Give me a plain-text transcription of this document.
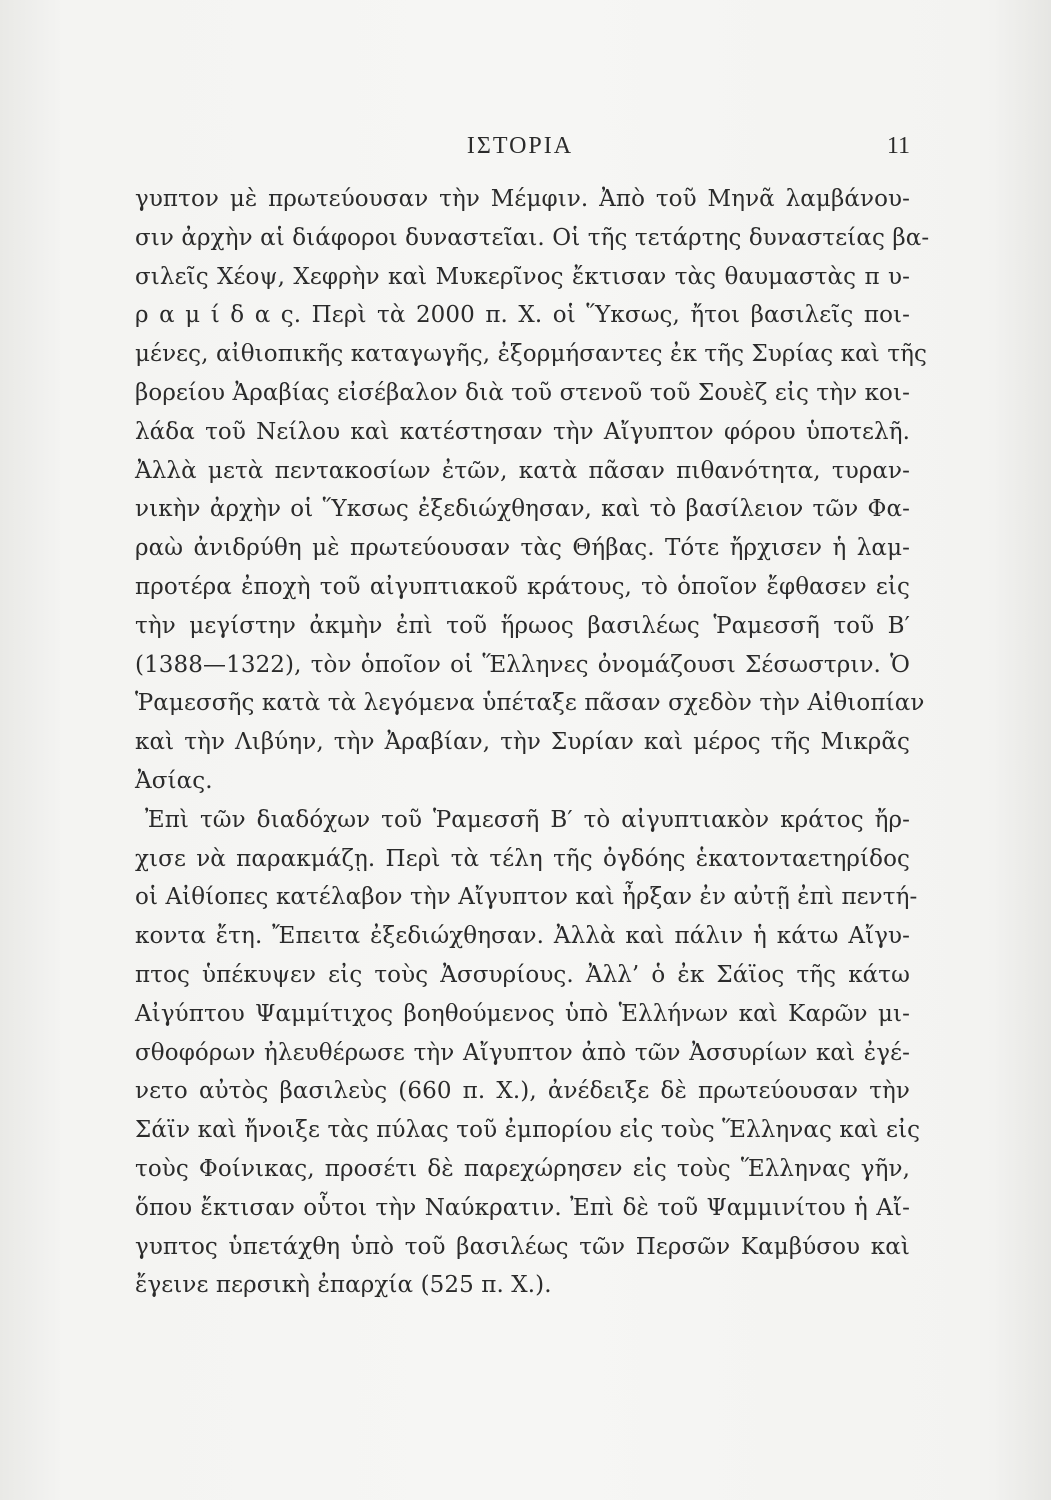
ΙΣΤΟΡΙΑ	11
γυπτον μὲ πρωτεύουσαν τὴν Μέμφιν. Ἀπὸ τοῦ Μηνᾶ λαμβάνου-
σιν ἀρχὴν αἱ διάφοροι δυναστεῖαι. Οἱ τῆς τετάρτης δυναστείας βα-
σιλεῖς Χέοψ, Χεφρὴν καὶ Μυκερῖνος ἔκτισαν τὰς θαυμαστὰς π υ-
ρ α μ ί δ α ς. Περὶ τὰ 2000 π. Χ. οἱ Ὕκσως, ἤτοι βασιλεῖς ποι-
μένες, αἰθιοπικῆς καταγωγῆς, ἐξορμήσαντες ἐκ τῆς Συρίας καὶ τῆς
βορείου Ἀραβίας εἰσέβαλον διὰ τοῦ στενοῦ τοῦ Σουὲζ εἰς τὴν κοι-
λάδα τοῦ Νείλου καὶ κατέστησαν τὴν Αἴγυπτον φόρου ὑποτελῆ.
Ἀλλὰ μετὰ πεντακοσίων ἐτῶν, κατὰ πᾶσαν πιθανότητα, τυραν-
νικὴν ἀρχὴν οἱ Ὕκσως ἐξεδιώχθησαν, καὶ τὸ βασίλειον τῶν Φα-
ραὼ ἀνιδρύθη μὲ πρωτεύουσαν τὰς Θήβας. Τότε ἤρχισεν ἡ λαμ-
προτέρα ἐποχὴ τοῦ αἰγυπτιακοῦ κράτους, τὸ ὁποῖον ἔφθασεν εἰς
τὴν μεγίστην ἀκμὴν ἐπὶ τοῦ ἥρωος βασιλέως Ῥαμεσσῆ τοῦ Β′
(1388—1322), τὸν ὁποῖον οἱ Ἕλληνες ὀνομάζουσι Σέσωστριν. Ὁ
Ῥαμεσσῆς κατὰ τὰ λεγόμενα ὑπέταξε πᾶσαν σχεδὸν τὴν Αἰθιοπίαν
καὶ τὴν Λιβύην, τὴν Ἀραβίαν, τὴν Συρίαν καὶ μέρος τῆς Μικρᾶς
Ἀσίας.
Ἐπὶ τῶν διαδόχων τοῦ Ῥαμεσσῆ Β′ τὸ αἰγυπτιακὸν κράτος ἤρ-
χισε νὰ παρακμάζῃ. Περὶ τὰ τέλη τῆς ὀγδόης ἑκατονταετηρίδος
οἱ Αἰθίοπες κατέλαβον τὴν Αἴγυπτον καὶ ἦρξαν ἐν αὐτῇ ἐπὶ πεντή-
κοντα ἔτη. Ἔπειτα ἐξεδιώχθησαν. Ἀλλὰ καὶ πάλιν ἡ κάτω Αἴγυ-
πτος ὑπέκυψεν εἰς τοὺς Ἀσσυρίους. Ἀλλ’ ὁ ἐκ Σάϊος τῆς κάτω
Αἰγύπτου Ψαμμίτιχος βοηθούμενος ὑπὸ Ἑλλήνων καὶ Καρῶν μι-
σθοφόρων ἠλευθέρωσε τὴν Αἴγυπτον ἀπὸ τῶν Ἀσσυρίων καὶ ἐγέ-
νετο αὐτὸς βασιλεὺς (660 π. Χ.), ἀνέδειξε δὲ πρωτεύουσαν τὴν
Σάϊν καὶ ἤνοιξε τὰς πύλας τοῦ ἐμπορίου εἰς τοὺς Ἕλληνας καὶ εἰς
τοὺς Φοίνικας, προσέτι δὲ παρεχώρησεν εἰς τοὺς Ἕλληνας γῆν,
ὅπου ἔκτισαν οὗτοι τὴν Ναύκρατιν. Ἐπὶ δὲ τοῦ Ψαμμινίτου ἡ Αἴ-
γυπτος ὑπετάχθη ὑπὸ τοῦ βασιλέως τῶν Περσῶν Καμβύσου καὶ
ἔγεινε περσικὴ ἐπαρχία (525 π. Χ.).
